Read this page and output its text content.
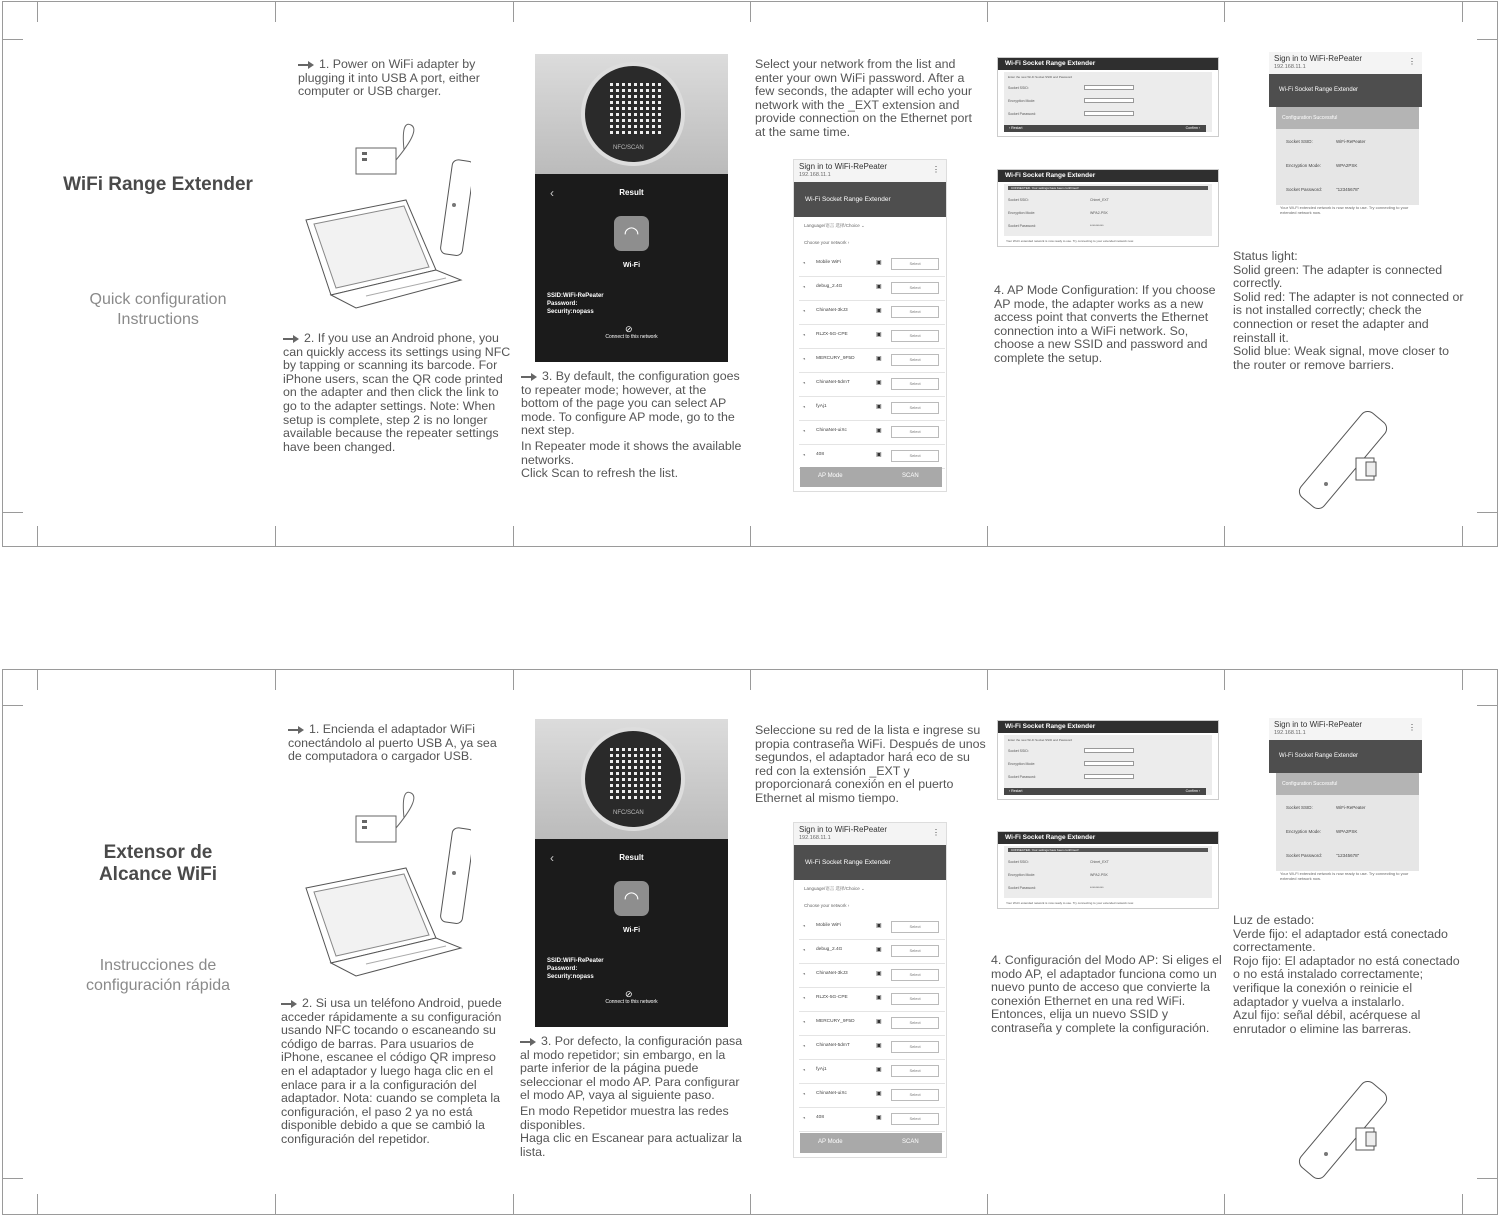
WiFi Range Extender
Quick configuration Instructions
1. Power on WiFi adapter by plugging it into USB A port, either computer or USB charger.
2. If you use an Android phone, you can quickly access its settings using NFC by tapping or scanning its barcode. For iPhone users, scan the QR code printed on the adapter and then click the link to go to the adapter settings. Note: When setup is complete, step 2 is no longer available because the repeater settings have been changed.
NFC/SCAN
‹	Result
◠
Wi-Fi
SSID:WiFi-RePeater
Password:
Security:nopass
⊘
Connect to this network
3. By default, the configuration goes to repeater mode; however, at the bottom of the page you can select AP mode. To configure AP mode, go to the next step.
In Repeater mode it shows the available networks.
Click Scan to refresh the list.
Select your network from the list and enter your own WiFi password. After a few seconds, the adapter will echo your network with the _EXT extension and provide connection on the Ethernet port at the same time.
Sign in to WiFi-RePeater
192.168.11.1
⋮
Wi-Fi Socket Range Extender
Language/语言 选择/Choice ⌄
Choose your network ›
◔ Mobile WiFi	▣	Select
◔ debug_2.4G	▣	Select
◔ ChinaNet-3kJ3	▣	Select
◔ RLZX-5G-CPE	▣	Select
◔ MERCURY_9F5D	▣	Select
◔ ChinaNet-5dmT	▣	Select
◔ fyAj1	▣	Select
◔ ChinaNet-uiXc	▣	Select
◔ 408	▣	Select
AP Mode	SCAN
Wi-Fi Socket Range Extender
Enter the new Wi-Fi Socket SSID and Password
Socket SSID:
Encryption Mode:
Socket Password:
‹ Restart	Confirm ›
Wi-Fi Socket Range Extender
CONNECTED. Your settings have been confirmed!
Socket SSID:	Chinet_EXT
Encryption Mode:	WPA2-PSK
Socket Password:	**********
Your Wi-Fi extended network is now ready to use. Try connecting to your extended network now.
4. AP Mode Configuration: If you choose AP mode, the adapter works as a new access point that converts the Ethernet connection into a WiFi network. So, choose a new SSID and password and complete the setup.
Sign in to WiFi-RePeater
192.168.11.1
⋮
Wi-Fi Socket Range Extender
Configuration Successful
Socket SSID:	WiFi-RePeater
Encryption Mode:	WPA2PSK
Socket Password:	"12345678"
Your Wi-Fi extended network is now ready to use. Try connecting to your extended network now.
Status light:
Solid green: The adapter is connected correctly.
Solid red: The adapter is not connected or is not installed correctly; check the connection or reset the adapter and reinstall it.
Solid blue: Weak signal, move closer to the router or remove barriers.
Extensor de
Alcance WiFi
Instrucciones de
configuración rápida
1. Encienda el adaptador WiFi conectándolo al puerto USB A, ya sea de computadora o cargador USB.
2. Si usa un teléfono Android, puede acceder rápidamente a su configuración usando NFC tocando o escaneando su código de barras. Para usuarios de iPhone, escanee el código QR impreso en el adaptador y luego haga clic en el enlace para ir a la configuración del adaptador. Nota: cuando se completa la configuración, el paso 2 ya no está disponible debido a que se cambió la configuración del repetidor.
NFC/SCAN
‹	Result
◠
Wi-Fi
SSID:WiFi-RePeater
Password:
Security:nopass
⊘
Connect to this network
3. Por defecto, la configuración pasa al modo repetidor; sin embargo, en la parte inferior de la página puede seleccionar el modo AP. Para configurar el modo AP, vaya al siguiente paso.
En modo Repetidor muestra las redes disponibles.
Haga clic en Escanear para actualizar la lista.
Seleccione su red de la lista e ingrese su propia contraseña WiFi. Después de unos segundos, el adaptador hará eco de su red con la extensión _EXT y proporcionará conexión en el puerto Ethernet al mismo tiempo.
Sign in to WiFi-RePeater
192.168.11.1
⋮
Wi-Fi Socket Range Extender
Language/语言 选择/Choice ⌄
Choose your network ›
◔ Mobile WiFi	▣	Select
◔ debug_2.4G	▣	Select
◔ ChinaNet-3kJ3	▣	Select
◔ RLZX-5G-CPE	▣	Select
◔ MERCURY_9F5D	▣	Select
◔ ChinaNet-5dmT	▣	Select
◔ fyAj1	▣	Select
◔ ChinaNet-uiXc	▣	Select
◔ 408	▣	Select
AP Mode	SCAN
Wi-Fi Socket Range Extender
Enter the new Wi-Fi Socket SSID and Password
Socket SSID:
Encryption Mode:
Socket Password:
‹ Restart	Confirm ›
Wi-Fi Socket Range Extender
CONNECTED. Your settings have been confirmed!
Socket SSID:	Chinet_EXT
Encryption Mode:	WPA2-PSK
Socket Password:	**********
Your Wi-Fi extended network is now ready to use. Try connecting to your extended network now.
4. Configuración del Modo AP: Si eliges el modo AP, el adaptador funciona como un nuevo punto de acceso que convierte la conexión Ethernet en una red WiFi. Entonces, elija un nuevo SSID y contraseña y complete la configuración.
Sign in to WiFi-RePeater
192.168.11.1
⋮
Wi-Fi Socket Range Extender
Configuration Successful
Socket SSID:	WiFi-RePeater
Encryption Mode:	WPA2PSK
Socket Password:	"12345678"
Your Wi-Fi extended network is now ready to use. Try connecting to your extended network now.
Luz de estado:
Verde fijo: el adaptador está conectado correctamente.
Rojo fijo: El adaptador no está conectado o no está instalado correctamente; verifique la conexión o reinicie el adaptador y vuelva a instalarlo.
Azul fijo: señal débil, acérquese al enrutador o elimine las barreras.
